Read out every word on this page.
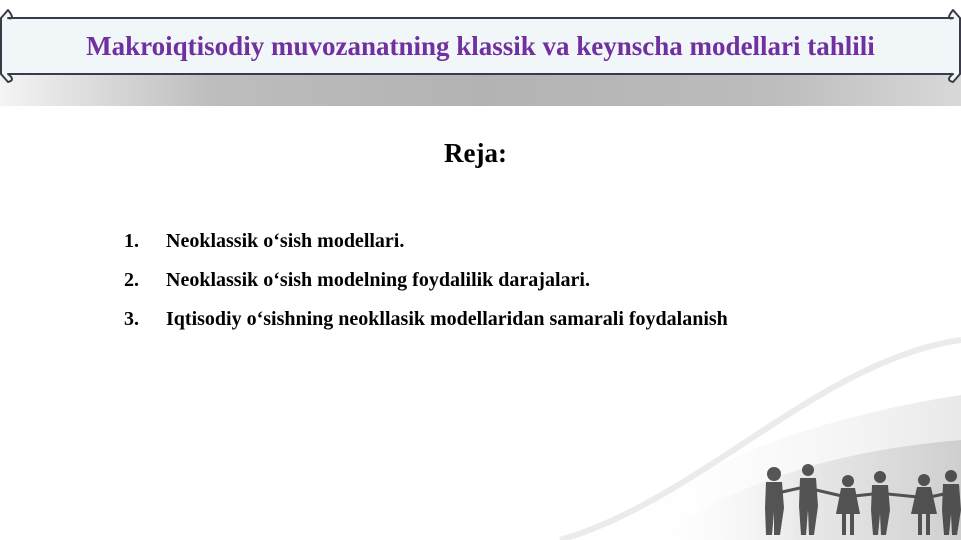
Makroiqtisodiy muvozanatning klassik va keynscha modellari tahlili
Reja:
1.	Neoklassik o‘sish modellari.
2.	Neoklassik o‘sish modelning foydalilik darajalari.
3.	Iqtisodiy o‘sishning neokllasik modellaridan samarali foydalanish
